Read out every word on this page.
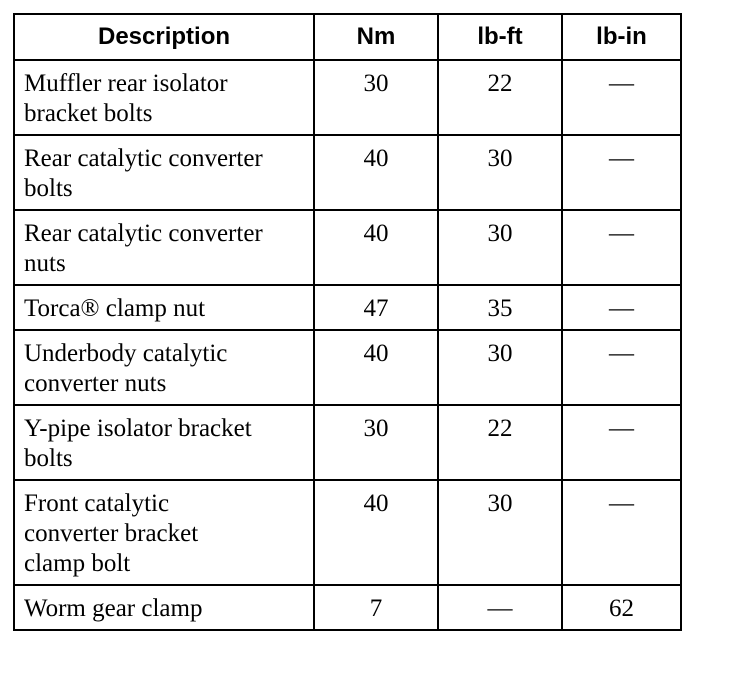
Description	Nm	lb-ft	lb-in
Muffler rear isolator bracket bolts	30	22	—
Rear catalytic converter bolts	40	30	—
Rear catalytic converter nuts	40	30	—
Torca® clamp nut	47	35	—
Underbody catalytic converter nuts	40	30	—
Y-pipe isolator bracket bolts	30	22	—
Front catalytic converter bracket clamp bolt	40	30	—
Worm gear clamp	7	—	62
